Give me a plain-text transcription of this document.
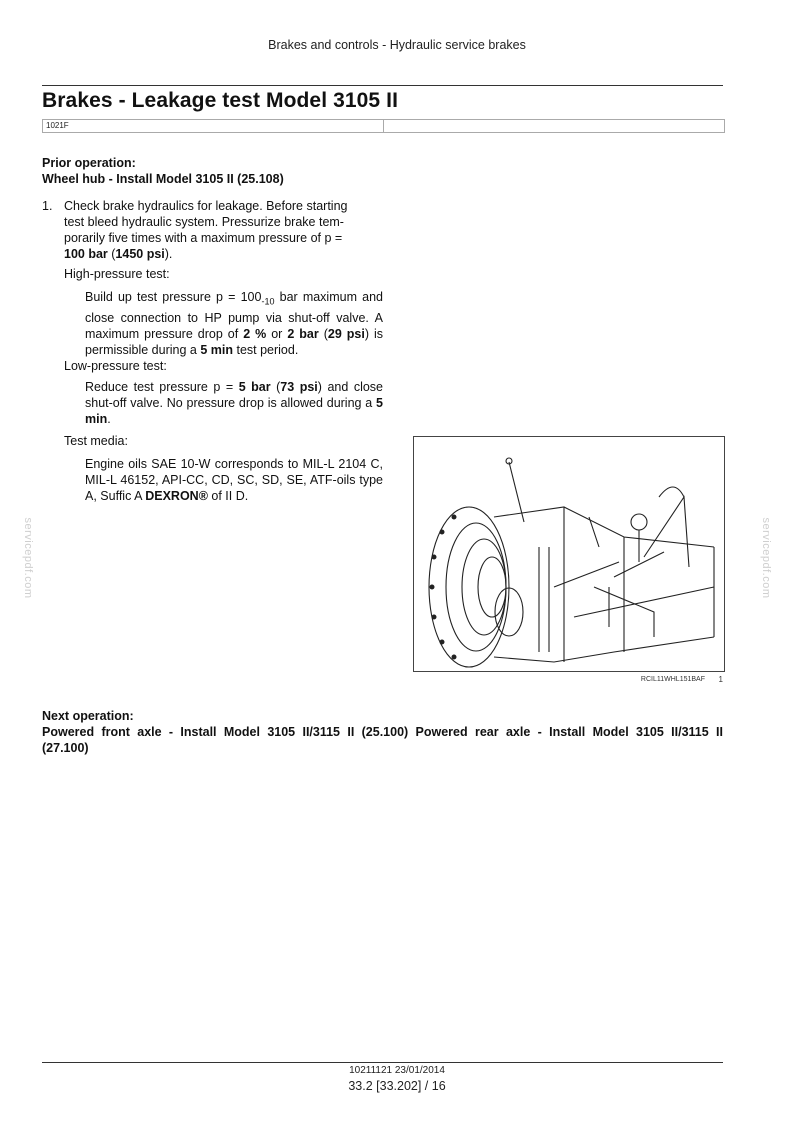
Brakes and controls - Hydraulic service brakes
Brakes - Leakage test Model 3105 II
1021F
Prior operation:
Wheel hub - Install Model 3105 II (25.108)
1. Check brake hydraulics for leakage. Before starting
test bleed hydraulic system. Pressurize brake tem-
porarily five times with a maximum pressure of p =
100 bar (1450 psi).
High-pressure test:
Build up test pressure $p = 100_{-10}$ bar maximum and close connection to HP pump via shut-off valve. A maximum pressure drop of 2 % or 2 bar (29 psi) is permissible during a 5 min test period.
Low-pressure test:
Reduce test pressure p = 5 bar (73 psi) and close shut-off valve. No pressure drop is allowed during a 5 min.
Test media:
Engine oils SAE 10-W corresponds to MIL-L 2104 C, MIL-L 46152, API-CC, CD, SC, SD, SE, ATF-oils type A, Suffic A DEXRON® of II D.
RCIL11WHL151BAF 1
servicepdf.com	servicepdf.com
Next operation:
Powered front axle - Install Model 3105 II/3115 II (25.100) Powered rear axle - Install Model 3105 II/3115 II
(27.100)
10211121 23/01/2014
33.2 [33.202] / 16
